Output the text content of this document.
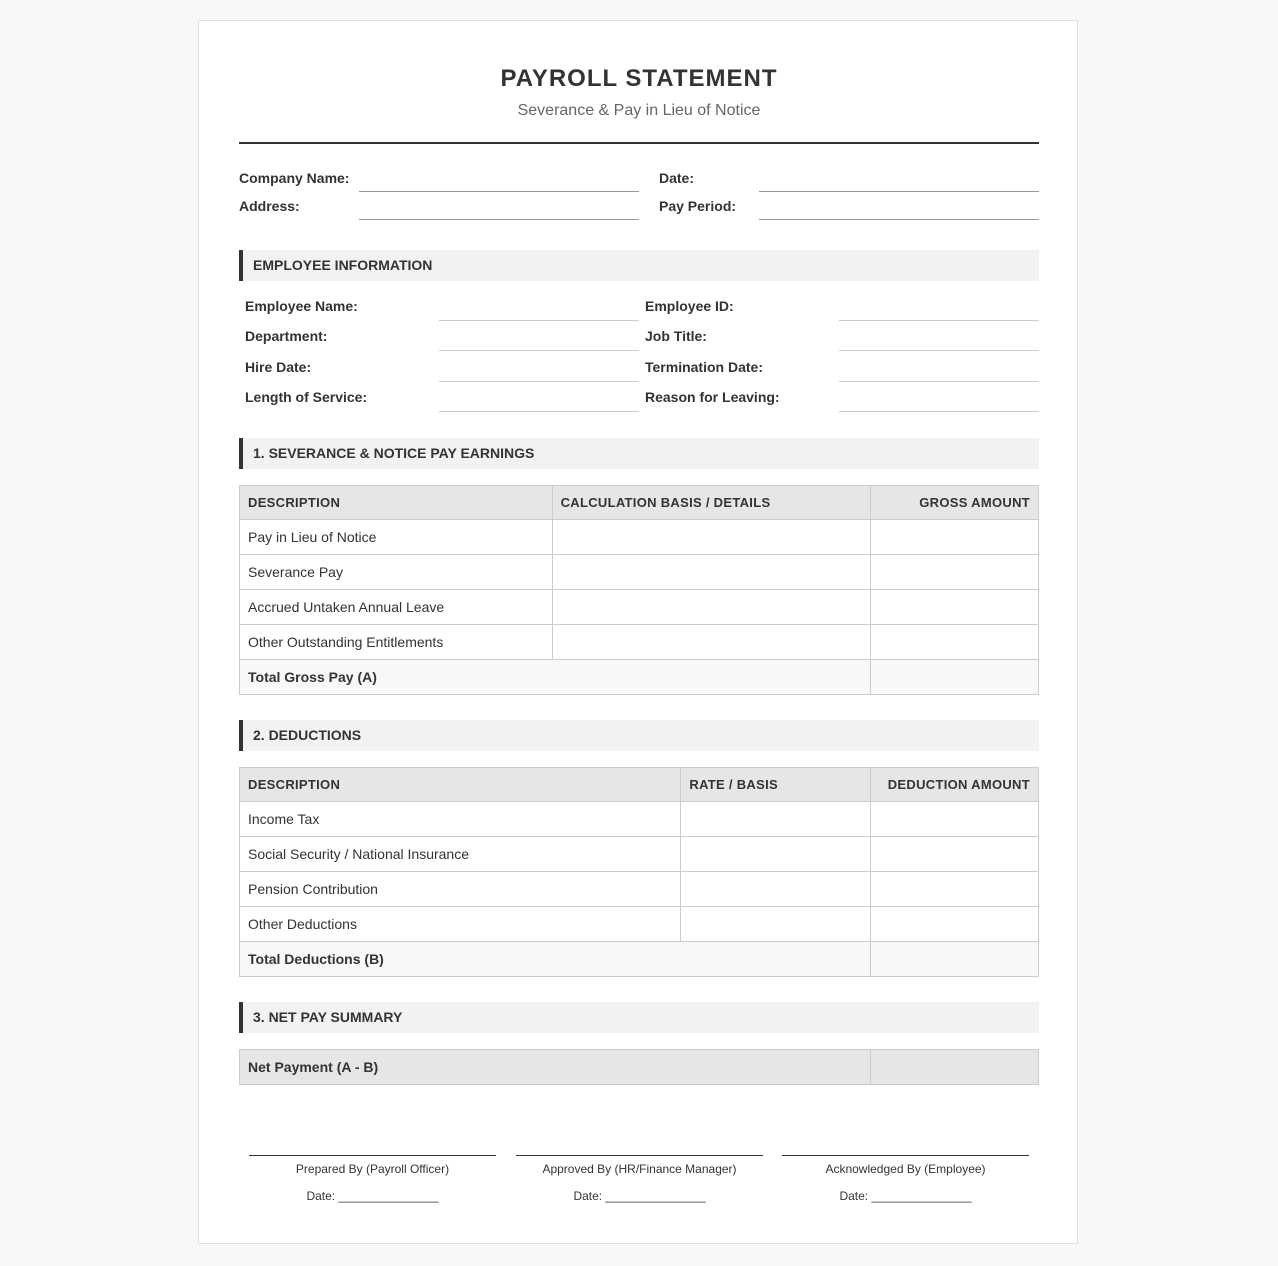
PAYROLL STATEMENT
Severance & Pay in Lieu of Notice
Company Name:	Date:
Address:	Pay Period:
EMPLOYEE INFORMATION
Employee Name:	Employee ID:
Department:	Job Title:
Hire Date:	Termination Date:
Length of Service:	Reason for Leaving:
1. SEVERANCE & NOTICE PAY EARNINGS
DESCRIPTION	CALCULATION BASIS / DETAILS	GROSS AMOUNT
Pay in Lieu of Notice		
Severance Pay		
Accrued Untaken Annual Leave		
Other Outstanding Entitlements		
Total Gross Pay (A)		
2. DEDUCTIONS
DESCRIPTION	RATE / BASIS	DEDUCTION AMOUNT
Income Tax		
Social Security / National Insurance		
Pension Contribution		
Other Deductions		
Total Deductions (B)		
3. NET PAY SUMMARY
Net Payment (A - B)	
Prepared By (Payroll Officer)
Date: _______________
Approved By (HR/Finance Manager)
Date: _______________
Acknowledged By (Employee)
Date: _______________
